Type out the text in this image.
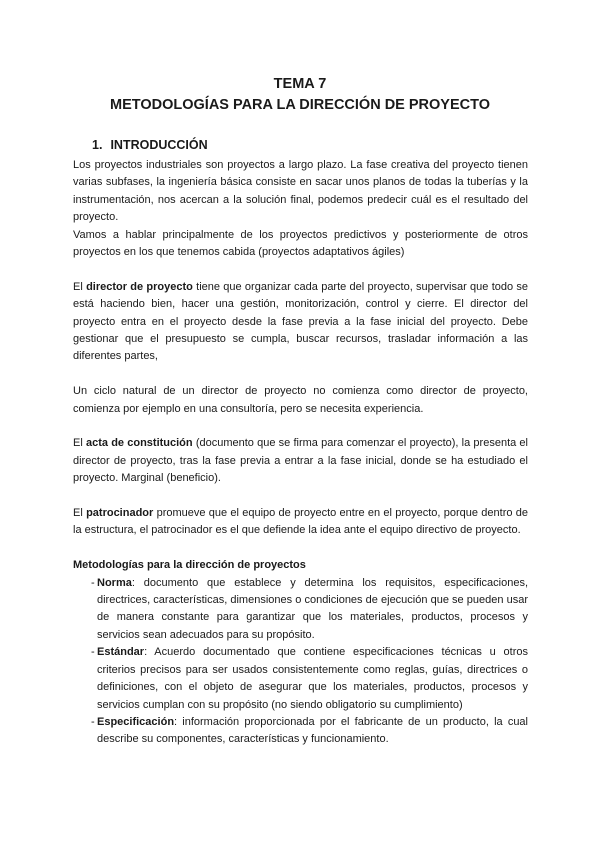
TEMA 7
METODOLOGÍAS PARA LA DIRECCIÓN DE PROYECTO
1. INTRODUCCIÓN

Los proyectos industriales son proyectos a largo plazo. La fase creativa del proyecto tienen varias subfases, la ingeniería básica consiste en sacar unos planos de todas la tuberías y la instrumentación, nos acercan a la solución final, podemos predecir cuál es el resultado del proyecto.

Vamos a hablar principalmente de los proyectos predictivos y posteriormente de otros proyectos en los que tenemos cabida (proyectos adaptativos ágiles)

El director de proyecto tiene que organizar cada parte del proyecto, supervisar que todo se está haciendo bien, hacer una gestión, monitorización, control y cierre. El director del proyecto entra en el proyecto desde la fase previa a la fase inicial del proyecto. Debe gestionar que el presupuesto se cumpla, buscar recursos, trasladar información a las diferentes partes,

Un ciclo natural de un director de proyecto no comienza como director de proyecto, comienza por ejemplo en una consultoría, pero se necesita experiencia.

El acta de constitución (documento que se firma para comenzar el proyecto), la presenta el director de proyecto, tras la fase previa a entrar a la fase inicial, donde se ha estudiado el proyecto. Marginal (beneficio).

El patrocinador promueve que el equipo de proyecto entre en el proyecto, porque dentro de la estructura, el patrocinador es el que defiende la idea ante el equipo directivo de proyecto.

Metodologías para la dirección de proyectos

- Norma: documento que establece y determina los requisitos, especificaciones, directrices, características, dimensiones o condiciones de ejecución que se pueden usar de manera constante para garantizar que los materiales, productos, procesos y servicios sean adecuados para su propósito.
- Estándar: Acuerdo documentado que contiene especificaciones técnicas u otros criterios precisos para ser usados consistentemente como reglas, guías, directrices o definiciones, con el objeto de asegurar que los materiales, productos, procesos y servicios cumplan con su propósito (no siendo obligatorio su cumplimiento)
- Especificación: información proporcionada por el fabricante de un producto, la cual describe su componentes, características y funcionamiento.
